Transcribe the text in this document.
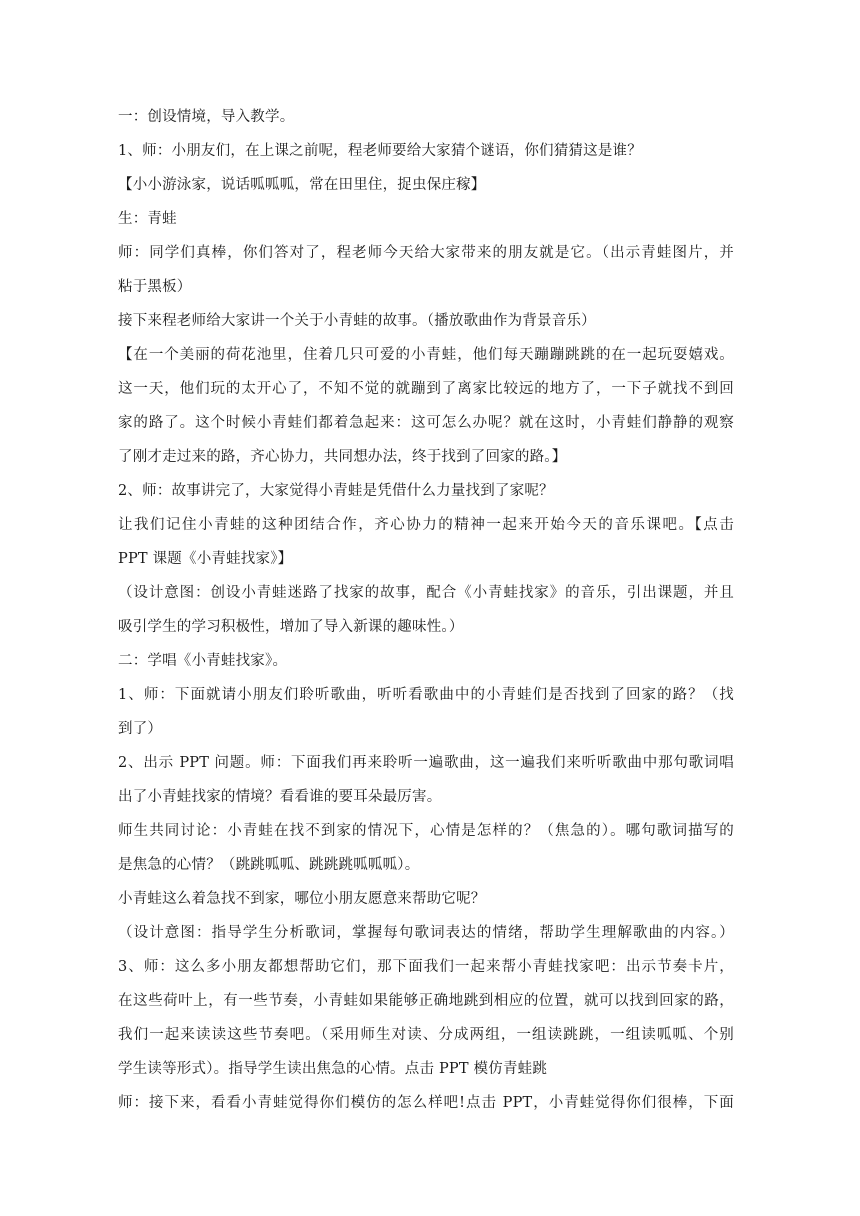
一：创设情境，导入教学。
1、师：小朋友们，在上课之前呢，程老师要给大家猜个谜语，你们猜猜这是谁？
【小小游泳家，说话呱呱呱，常在田里住，捉虫保庄稼】
生：青蛙
师：同学们真棒，你们答对了，程老师今天给大家带来的朋友就是它。（出示青蛙图片，并
粘于黑板）
接下来程老师给大家讲一个关于小青蛙的故事。（播放歌曲作为背景音乐）
【在一个美丽的荷花池里，住着几只可爱的小青蛙，他们每天蹦蹦跳跳的在一起玩耍嬉戏。
这一天，他们玩的太开心了，不知不觉的就蹦到了离家比较远的地方了，一下子就找不到回
家的路了。这个时候小青蛙们都着急起来：这可怎么办呢？就在这时，小青蛙们静静的观察
了刚才走过来的路，齐心协力，共同想办法，终于找到了回家的路。】
2、师：故事讲完了，大家觉得小青蛙是凭借什么力量找到了家呢？
让我们记住小青蛙的这种团结合作，齐心协力的精神一起来开始今天的音乐课吧。【点击
PPT 课题《小青蛙找家》】
（设计意图：创设小青蛙迷路了找家的故事，配合《小青蛙找家》的音乐，引出课题，并且
吸引学生的学习积极性，增加了导入新课的趣味性。）
二：学唱《小青蛙找家》。
1、师：下面就请小朋友们聆听歌曲，听听看歌曲中的小青蛙们是否找到了回家的路？（找
到了）
2、出示 PPT 问题。师：下面我们再来聆听一遍歌曲，这一遍我们来听听歌曲中那句歌词唱
出了小青蛙找家的情境？看看谁的要耳朵最厉害。
师生共同讨论：小青蛙在找不到家的情况下，心情是怎样的？（焦急的）。哪句歌词描写的
是焦急的心情？（跳跳呱呱、跳跳跳呱呱呱）。
小青蛙这么着急找不到家，哪位小朋友愿意来帮助它呢？
（设计意图：指导学生分析歌词，掌握每句歌词表达的情绪，帮助学生理解歌曲的内容。）
3、师：这么多小朋友都想帮助它们，那下面我们一起来帮小青蛙找家吧：出示节奏卡片，
在这些荷叶上，有一些节奏，小青蛙如果能够正确地跳到相应的位置，就可以找到回家的路，
我们一起来读读这些节奏吧。（采用师生对读、分成两组，一组读跳跳，一组读呱呱、个别
学生读等形式）。指导学生读出焦急的心情。点击 PPT 模仿青蛙跳
师：接下来，看看小青蛙觉得你们模仿的怎么样吧!点击 PPT，小青蛙觉得你们很棒，下面
